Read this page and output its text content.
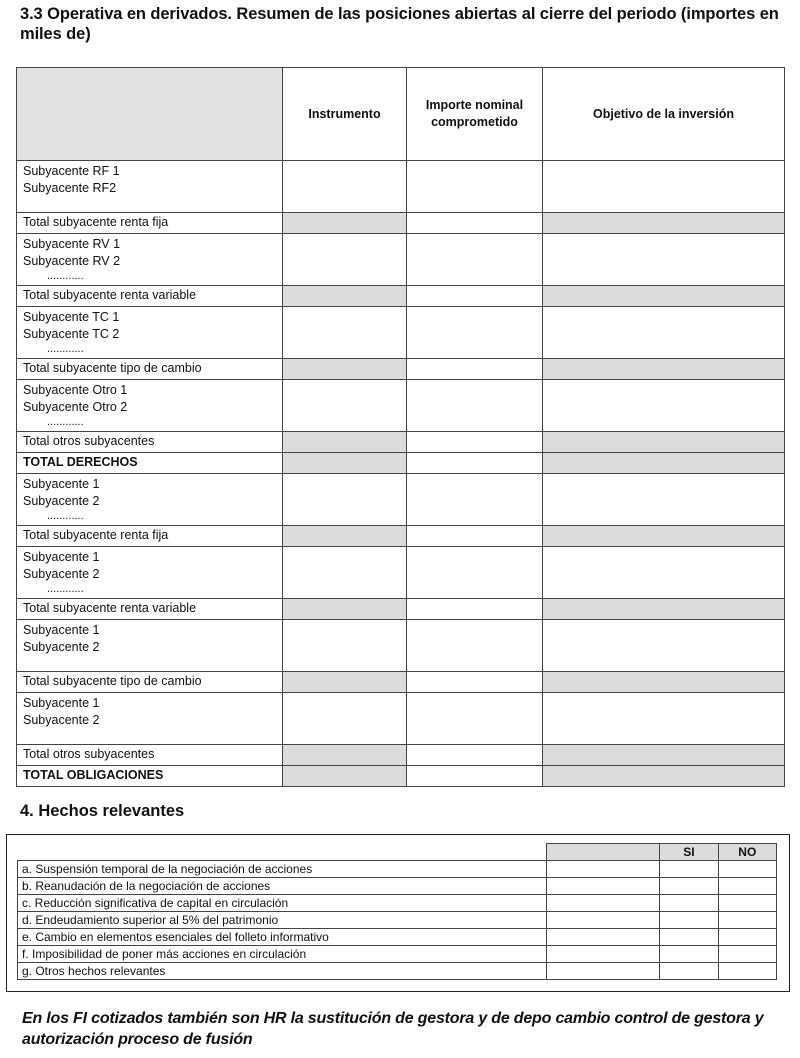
3.3 Operativa en derivados. Resumen de las posiciones abiertas al cierre del periodo (importes en miles de)
	Instrumento	Importe nominal comprometido	Objetivo de la inversión

Subyacente RF 1
Subyacente RF2			

Total subyacente renta fija			

Subyacente RV 1
Subyacente RV 2
............			

Total subyacente renta variable			

Subyacente TC 1
Subyacente TC 2
............			

Total subyacente tipo de cambio			

Subyacente Otro 1
Subyacente Otro 2
............			

Total otros subyacentes			
TOTAL DERECHOS			

Subyacente 1
Subyacente 2
............			

Total subyacente renta fija			

Subyacente 1
Subyacente 2
............			

Total subyacente renta variable			

Subyacente 1
Subyacente 2			

Total subyacente tipo de cambio			

Subyacente 1
Subyacente 2			

Total otros subyacentes			
TOTAL OBLIGACIONES			
4. Hechos relevantes
		SI	NO
a. Suspensión temporal de la negociación de acciones			
b. Reanudación de la negociación de acciones			
c. Reducción significativa de capital en circulación			
d. Endeudamiento superior al 5% del patrimonio			
e. Cambio en elementos esenciales del folleto informativo			
f. Imposibilidad de poner más acciones en circulación			
g. Otros hechos relevantes			
En los FI cotizados también son HR la sustitución de gestora y de depo cambio control de gestora y autorización proceso de fusión
